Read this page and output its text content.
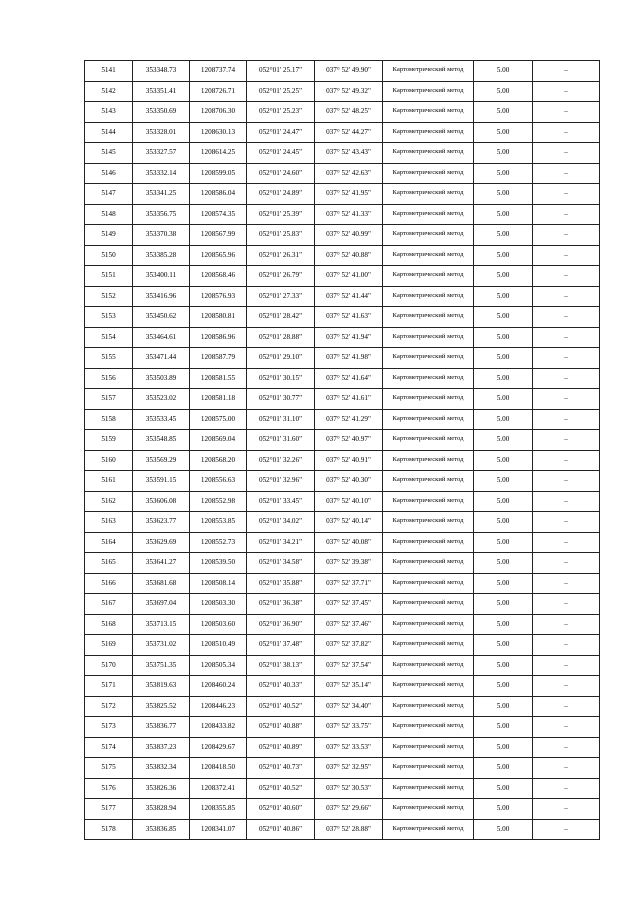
5141	353348.73	1208737.74	052°01' 25.17"	037° 52' 49.90"	Картометрический метод	5.00	–
5142	353351.41	1208726.71	052°01' 25.25"	037° 52' 49.32"	Картометрический метод	5.00	–
5143	353350.69	1208706.30	052°01' 25.23"	037° 52' 48.25"	Картометрический метод	5.00	–
5144	353328.01	1208630.13	052°01' 24.47"	037° 52' 44.27"	Картометрический метод	5.00	–
5145	353327.57	1208614.25	052°01' 24.45"	037° 52' 43.43"	Картометрический метод	5.00	–
5146	353332.14	1208599.05	052°01' 24.60"	037° 52' 42.63"	Картометрический метод	5.00	–
5147	353341.25	1208586.04	052°01' 24.89"	037° 52' 41.95"	Картометрический метод	5.00	–
5148	353356.75	1208574.35	052°01' 25.39"	037° 52' 41.33"	Картометрический метод	5.00	–
5149	353370.38	1208567.99	052°01' 25.83"	037° 52' 40.99"	Картометрический метод	5.00	–
5150	353385.28	1208565.96	052°01' 26.31"	037° 52' 40.88"	Картометрический метод	5.00	–
5151	353400.11	1208568.46	052°01' 26.79"	037° 52' 41.00"	Картометрический метод	5.00	–
5152	353416.96	1208576.93	052°01' 27.33"	037° 52' 41.44"	Картометрический метод	5.00	–
5153	353450.62	1208580.81	052°01' 28.42"	037° 52' 41.63"	Картометрический метод	5.00	–
5154	353464.61	1208586.96	052°01' 28.88"	037° 52' 41.94"	Картометрический метод	5.00	–
5155	353471.44	1208587.79	052°01' 29.10"	037° 52' 41.98"	Картометрический метод	5.00	–
5156	353503.89	1208581.55	052°01' 30.15"	037° 52' 41.64"	Картометрический метод	5.00	–
5157	353523.02	1208581.18	052°01' 30.77"	037° 52' 41.61"	Картометрический метод	5.00	–
5158	353533.45	1208575.00	052°01' 31.10"	037° 52' 41.29"	Картометрический метод	5.00	–
5159	353548.85	1208569.04	052°01' 31.60"	037° 52' 40.97"	Картометрический метод	5.00	–
5160	353569.29	1208568.20	052°01' 32.26"	037° 52' 40.91"	Картометрический метод	5.00	–
5161	353591.15	1208556.63	052°01' 32.96"	037° 52' 40.30"	Картометрический метод	5.00	–
5162	353606.08	1208552.98	052°01' 33.45"	037° 52' 40.10"	Картометрический метод	5.00	–
5163	353623.77	1208553.85	052°01' 34.02"	037° 52' 40.14"	Картометрический метод	5.00	–
5164	353629.69	1208552.73	052°01' 34.21"	037° 52' 40.08"	Картометрический метод	5.00	–
5165	353641.27	1208539.50	052°01' 34.58"	037° 52' 39.38"	Картометрический метод	5.00	–
5166	353681.68	1208508.14	052°01' 35.88"	037° 52' 37.71"	Картометрический метод	5.00	–
5167	353697.04	1208503.30	052°01' 36.38"	037° 52' 37.45"	Картометрический метод	5.00	–
5168	353713.15	1208503.60	052°01' 36.90"	037° 52' 37.46"	Картометрический метод	5.00	–
5169	353731.02	1208510.49	052°01' 37.48"	037° 52' 37.82"	Картометрический метод	5.00	–
5170	353751.35	1208505.34	052°01' 38.13"	037° 52' 37.54"	Картометрический метод	5.00	–
5171	353819.63	1208460.24	052°01' 40.33"	037° 52' 35.14"	Картометрический метод	5.00	–
5172	353825.52	1208446.23	052°01' 40.52"	037° 52' 34.40"	Картометрический метод	5.00	–
5173	353836.77	1208433.82	052°01' 40.88"	037° 52' 33.75"	Картометрический метод	5.00	–
5174	353837.23	1208429.67	052°01' 40.89"	037° 52' 33.53"	Картометрический метод	5.00	–
5175	353832.34	1208418.50	052°01' 40.73"	037° 52' 32.95"	Картометрический метод	5.00	–
5176	353826.36	1208372.41	052°01' 40.52"	037° 52' 30.53"	Картометрический метод	5.00	–
5177	353828.94	1208355.85	052°01' 40.60"	037° 52' 29.66"	Картометрический метод	5.00	–
5178	353836.85	1208341.07	052°01' 40.86"	037° 52' 28.88"	Картометрический метод	5.00	–
